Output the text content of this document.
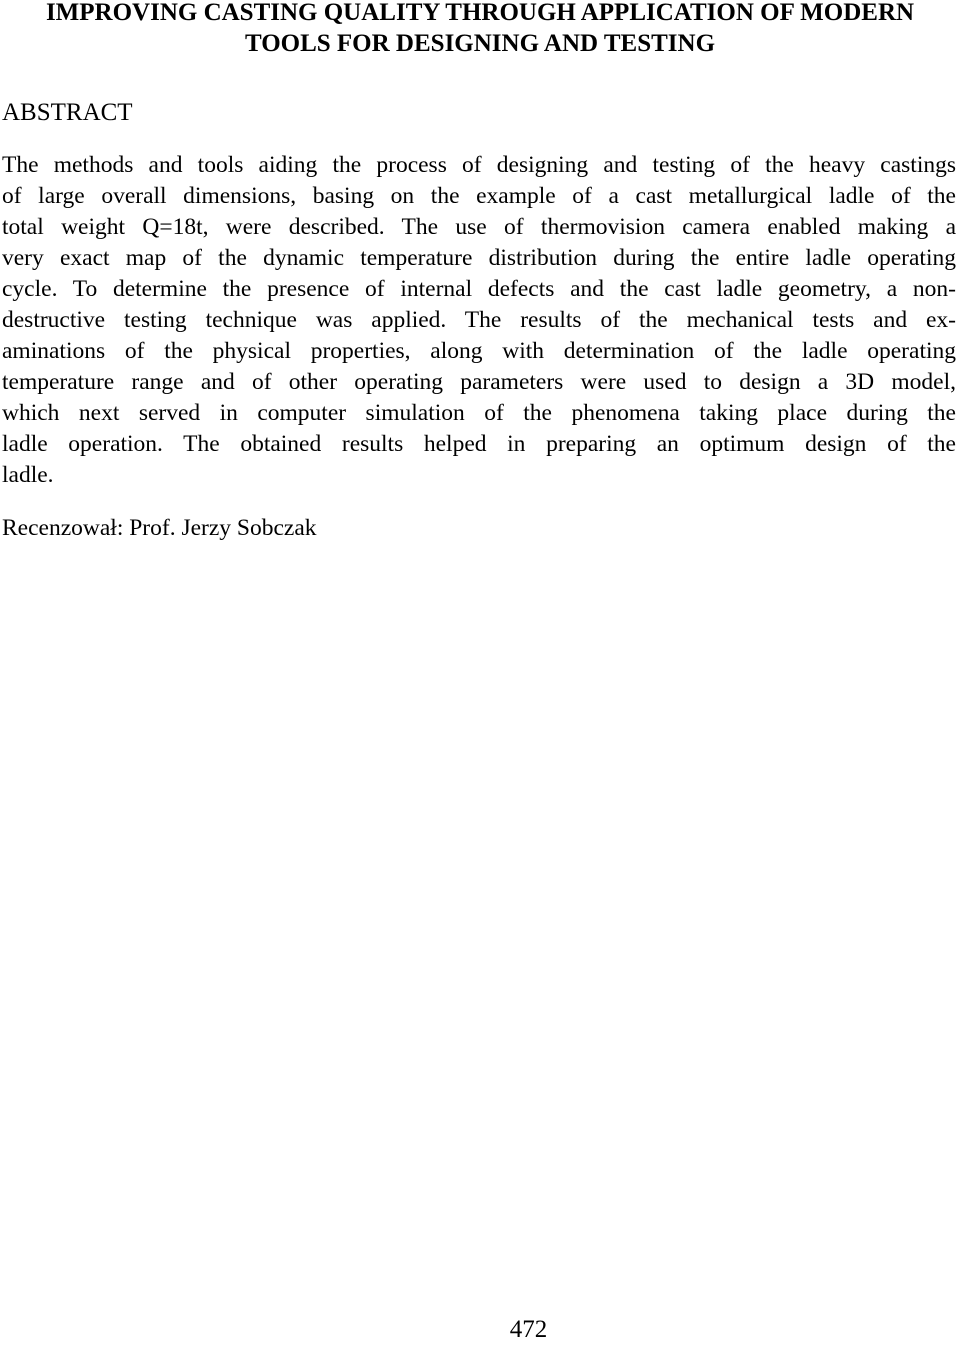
IMPROVING CASTING QUALITY THROUGH APPLICATION OF MODERN
TOOLS FOR DESIGNING AND TESTING
ABSTRACT

The methods and tools aiding the process of designing and testing of the heavy castings
of large overall dimensions, basing on the example of a cast metallurgical ladle of the
total weight Q=18t, were described. The use of thermovision camera enabled making a
very exact map of the dynamic temperature distribution during the entire ladle operating
cycle. To determine the presence of internal defects and the cast ladle geometry, a non-
destructive testing technique was applied. The results of the mechanical tests and ex-
aminations of the physical properties, along with determination of the ladle operating
temperature range and of other operating parameters were used to design a 3D model,
which next served in computer simulation of the phenomena taking place during the
ladle operation. The obtained results helped in preparing an optimum design of the
ladle.

Recenzował: Prof. Jerzy Sobczak

472
